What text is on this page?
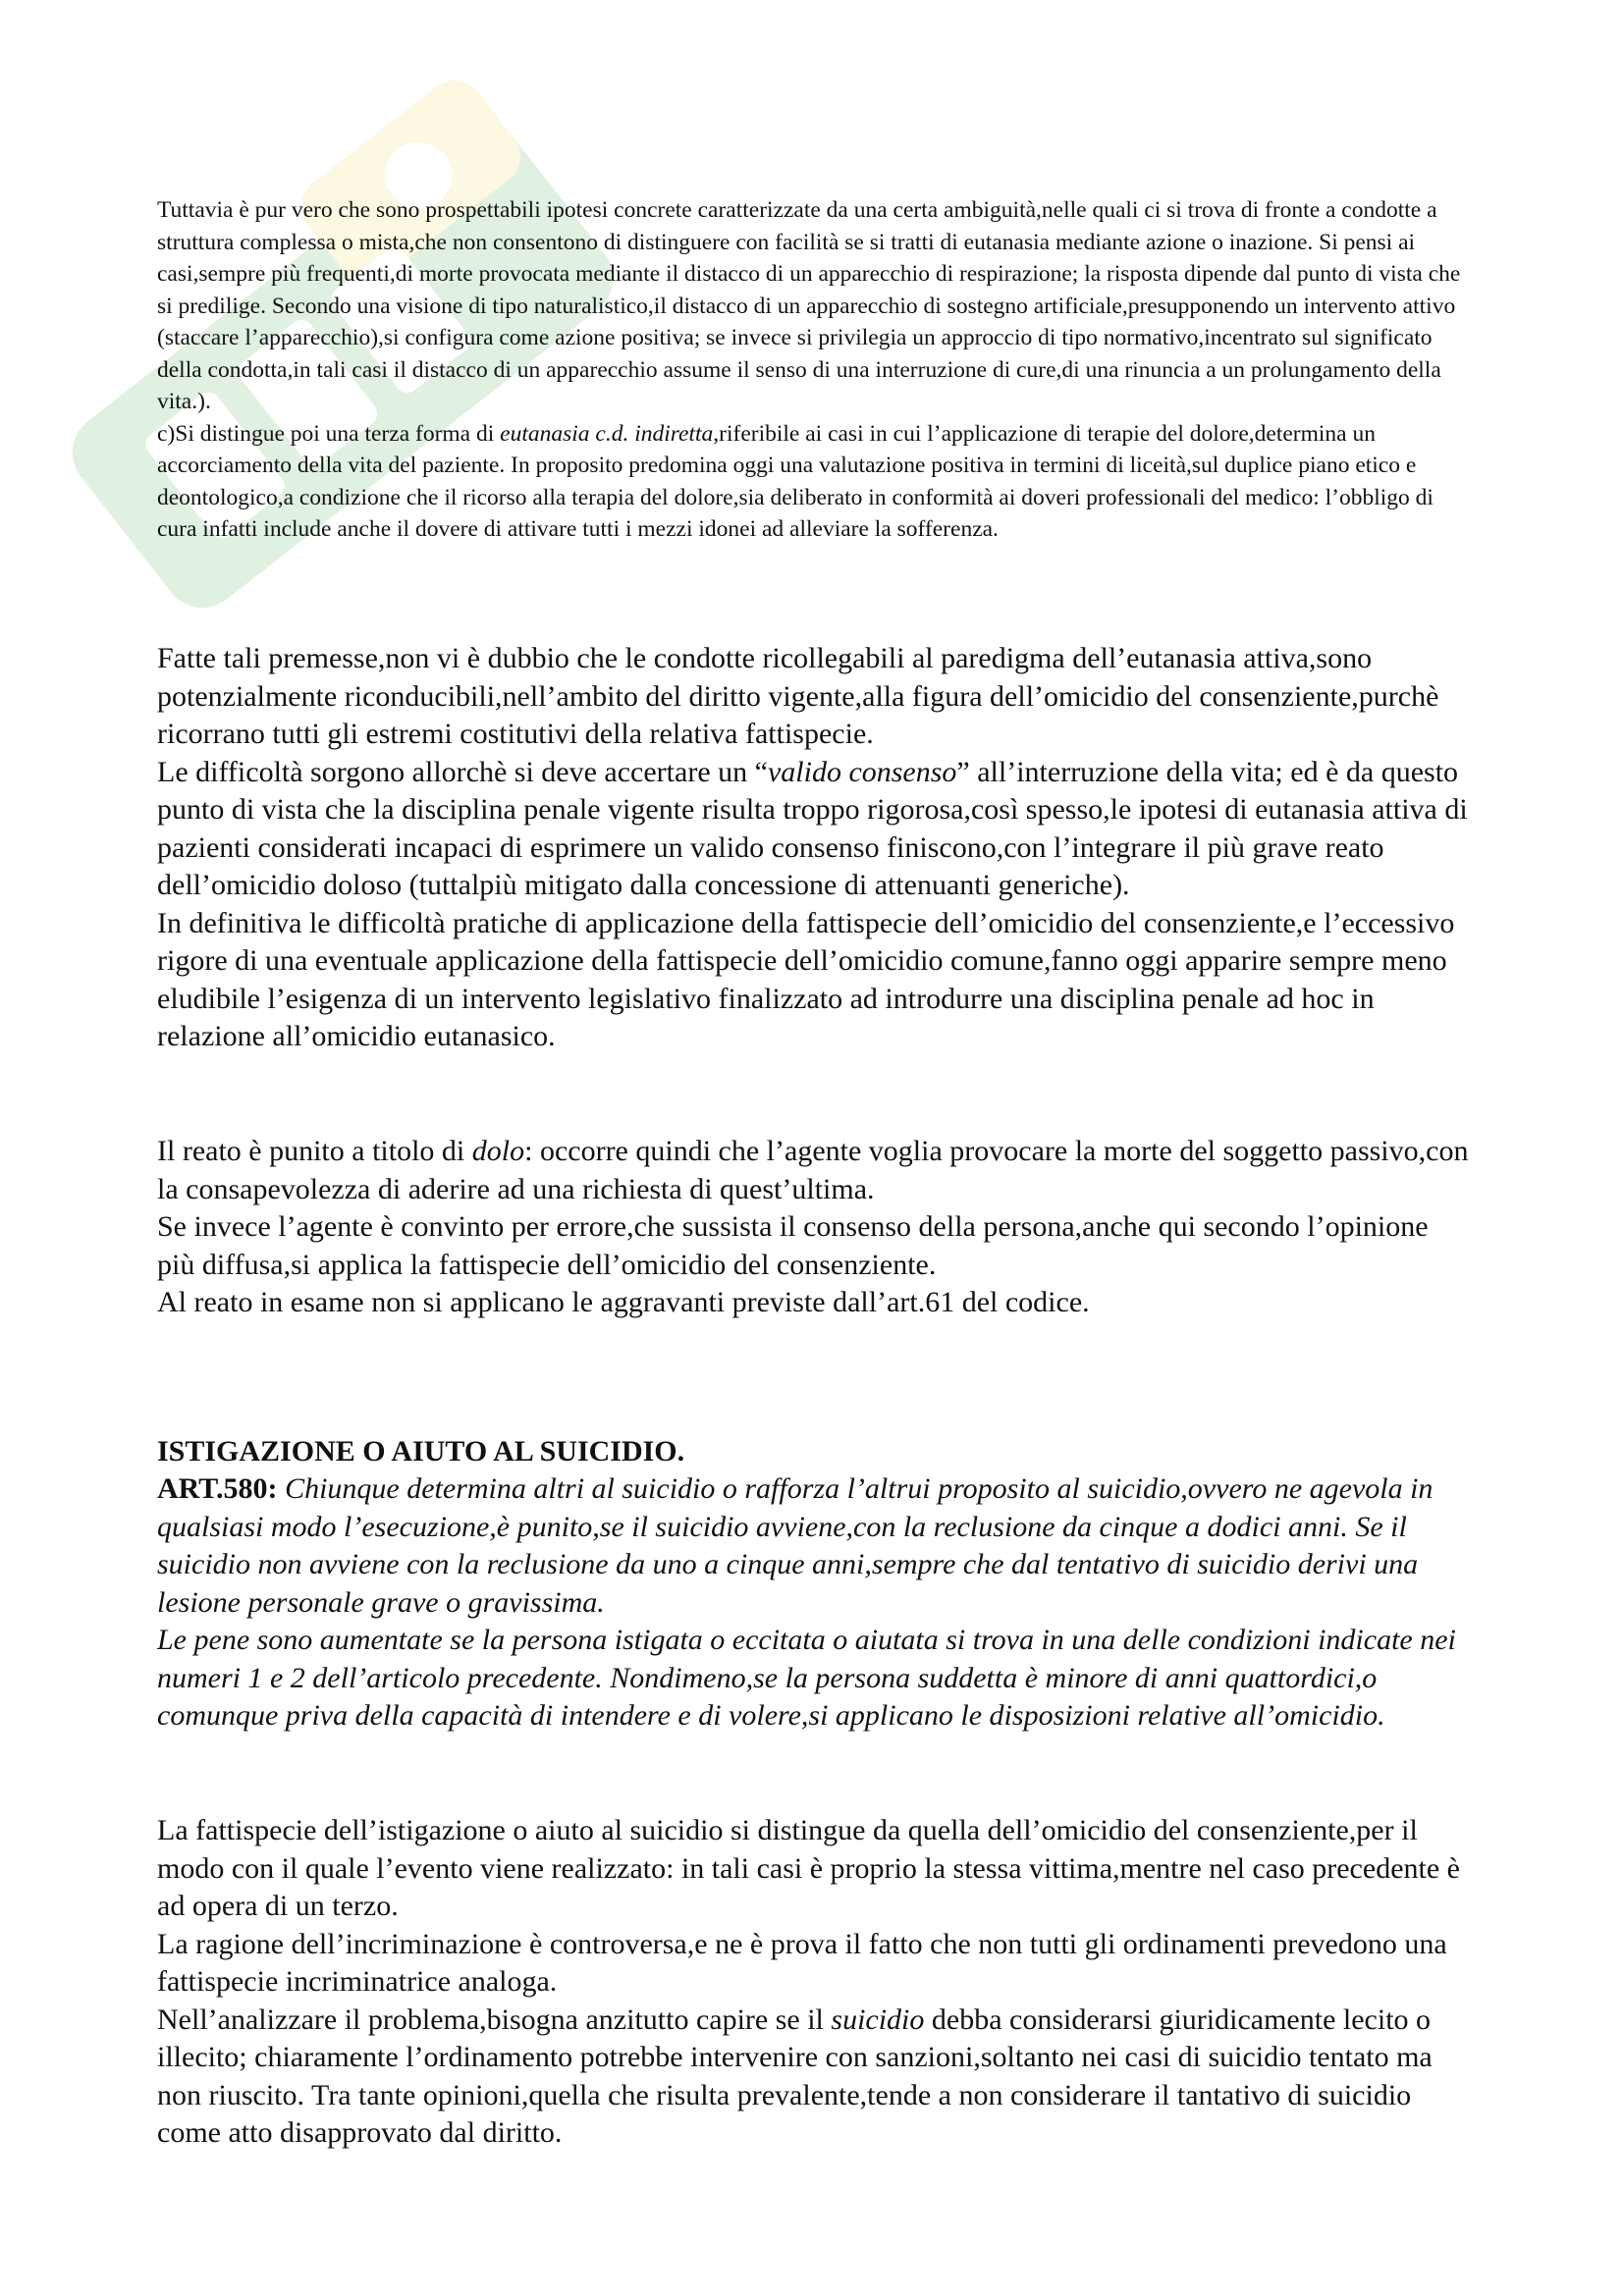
Tuttavia è pur vero che sono prospettabili ipotesi concrete caratterizzate da una certa ambiguità,nelle quali ci si trova di fronte a condotte a struttura complessa o mista,che non consentono di distinguere con facilità se si tratti di eutanasia mediante azione o inazione. Si pensi ai casi,sempre più frequenti,di morte provocata mediante il distacco di un apparecchio di respirazione; la risposta dipende dal punto di vista che si predilige. Secondo una visione di tipo naturalistico,il distacco di un apparecchio di sostegno artificiale,presupponendo un intervento attivo (staccare l’apparecchio),si configura come azione positiva; se invece si privilegia un approccio di tipo normativo,incentrato sul significato della condotta,in tali casi il distacco di un apparecchio assume il senso di una interruzione di cure,di una rinuncia a un prolungamento della vita.).

c)Si distingue poi una terza forma di eutanasia c.d. indiretta,riferibile ai casi in cui l’applicazione di terapie del dolore,determina un accorciamento della vita del paziente. In proposito predomina oggi una valutazione positiva in termini di liceità,sul duplice piano etico e deontologico,a condizione che il ricorso alla terapia del dolore,sia deliberato in conformità ai doveri professionali del medico: l’obbligo di cura infatti include anche il dovere di attivare tutti i mezzi idonei ad alleviare la sofferenza.

Fatte tali premesse,non vi è dubbio che le condotte ricollegabili al paredigma dell’eutanasia attiva,sono potenzialmente riconducibili,nell’ambito del diritto vigente,alla figura dell’omicidio del consenziente,purchè ricorrano tutti gli estremi costitutivi della relativa fattispecie.

Le difficoltà sorgono allorchè si deve accertare un “valido consenso” all’interruzione della vita; ed è da questo punto di vista che la disciplina penale vigente risulta troppo rigorosa,così spesso,le ipotesi di eutanasia attiva di pazienti considerati incapaci di esprimere un valido consenso finiscono,con l’integrare il più grave reato dell’omicidio doloso (tuttalpiù mitigato dalla concessione di attenuanti generiche).

In definitiva le difficoltà pratiche di applicazione della fattispecie dell’omicidio del consenziente,e l’eccessivo rigore di una eventuale applicazione della fattispecie dell’omicidio comune,fanno oggi apparire sempre meno eludibile l’esigenza di un intervento legislativo finalizzato ad introdurre una disciplina penale ad hoc in relazione all’omicidio eutanasico.

Il reato è punito a titolo di dolo: occorre quindi che l’agente voglia provocare la morte del soggetto passivo,con la consapevolezza di aderire ad una richiesta di quest’ultima.

Se invece l’agente è convinto per errore,che sussista il consenso della persona,anche qui secondo l’opinione più diffusa,si applica la fattispecie dell’omicidio del consenziente.

Al reato in esame non si applicano le aggravanti previste dall’art.61 del codice.

ISTIGAZIONE O AIUTO AL SUICIDIO.

ART.580: Chiunque determina altri al suicidio o rafforza l’altrui proposito al suicidio,ovvero ne agevola in qualsiasi modo l’esecuzione,è punito,se il suicidio avviene,con la reclusione da cinque a dodici anni. Se il suicidio non avviene con la reclusione da uno a cinque anni,sempre che dal tentativo di suicidio derivi una lesione personale grave o gravissima.

Le pene sono aumentate se la persona istigata o eccitata o aiutata si trova in una delle condizioni indicate nei numeri 1 e 2 dell’articolo precedente. Nondimeno,se la persona suddetta è minore di anni quattordici,o comunque priva della capacità di intendere e di volere,si applicano le disposizioni relative all’omicidio.

La fattispecie dell’istigazione o aiuto al suicidio si distingue da quella dell’omicidio del consenziente,per il modo con il quale l’evento viene realizzato: in tali casi è proprio la stessa vittima,mentre nel caso precedente è ad opera di un terzo.

La ragione dell’incriminazione è controversa,e ne è prova il fatto che non tutti gli ordinamenti prevedono una fattispecie incriminatrice analoga.

Nell’analizzare il problema,bisogna anzitutto capire se il suicidio debba considerarsi giuridicamente lecito o illecito; chiaramente l’ordinamento potrebbe intervenire con sanzioni,soltanto nei casi di suicidio tentato ma non riuscito. Tra tante opinioni,quella che risulta prevalente,tende a non considerare il tantativo di suicidio come atto disapprovato dal diritto.
